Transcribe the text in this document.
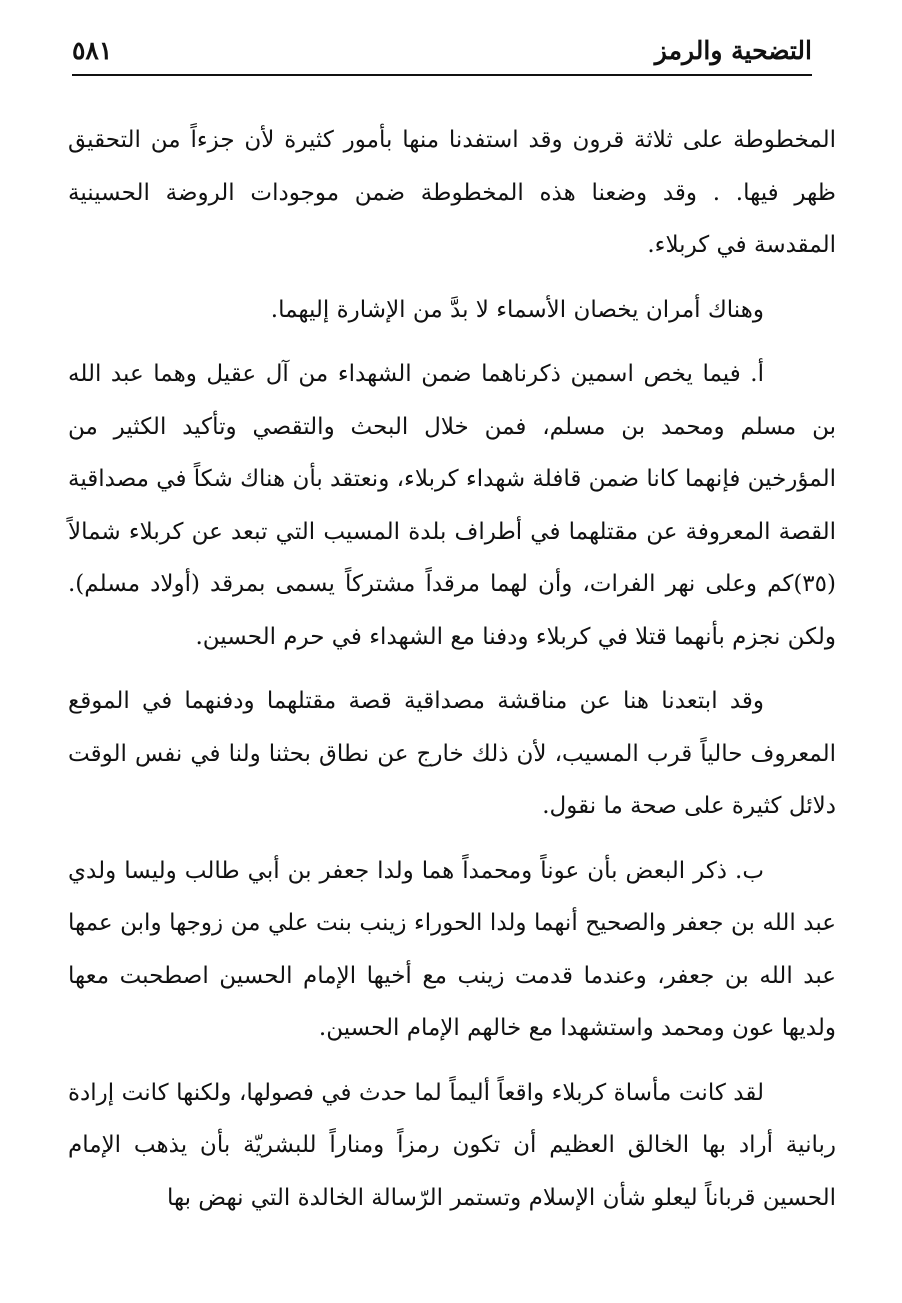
التضحية والرمز
٥٨١

المخطوطة على ثلاثة قرون وقد استفدنا منها بأمور كثيرة لأن جزءاً من التحقيق ظهر فيها. . وقد وضعنا هذه المخطوطة ضمن موجودات الروضة الحسينية المقدسة في كربلاء.

وهناك أمران يخصان الأسماء لا بدَّ من الإشارة إليهما.

أ. فيما يخص اسمين ذكرناهما ضمن الشهداء من آل عقيل وهما عبد الله بن مسلم ومحمد بن مسلم، فمن خلال البحث والتقصي وتأكيد الكثير من المؤرخين فإنهما كانا ضمن قافلة شهداء كربلاء، ونعتقد بأن هناك شكاً في مصداقية القصة المعروفة عن مقتلهما في أطراف بلدة المسيب التي تبعد عن كربلاء شمالاً (٣٥)كم وعلى نهر الفرات، وأن لهما مرقداً مشتركاً يسمى بمرقد (أولاد مسلم). ولكن نجزم بأنهما قتلا في كربلاء ودفنا مع الشهداء في حرم الحسين.

وقد ابتعدنا هنا عن مناقشة مصداقية قصة مقتلهما ودفنهما في الموقع المعروف حالياً قرب المسيب، لأن ذلك خارج عن نطاق بحثنا ولنا في نفس الوقت دلائل كثيرة على صحة ما نقول.

ب. ذكر البعض بأن عوناً ومحمداً هما ولدا جعفر بن أبي طالب وليسا ولدي عبد الله بن جعفر والصحيح أنهما ولدا الحوراء زينب بنت علي من زوجها وابن عمها عبد الله بن جعفر، وعندما قدمت زينب مع أخيها الإمام الحسين اصطحبت معها ولديها عون ومحمد واستشهدا مع خالهم الإمام الحسين.

لقد كانت مأساة كربلاء واقعاً أليماً لما حدث في فصولها، ولكنها كانت إرادة ربانية أراد بها الخالق العظيم أن تكون رمزاً ومناراً للبشريّة بأن يذهب الإمام الحسين قرباناً ليعلو شأن الإسلام وتستمر الرّسالة الخالدة التي نهض بها
